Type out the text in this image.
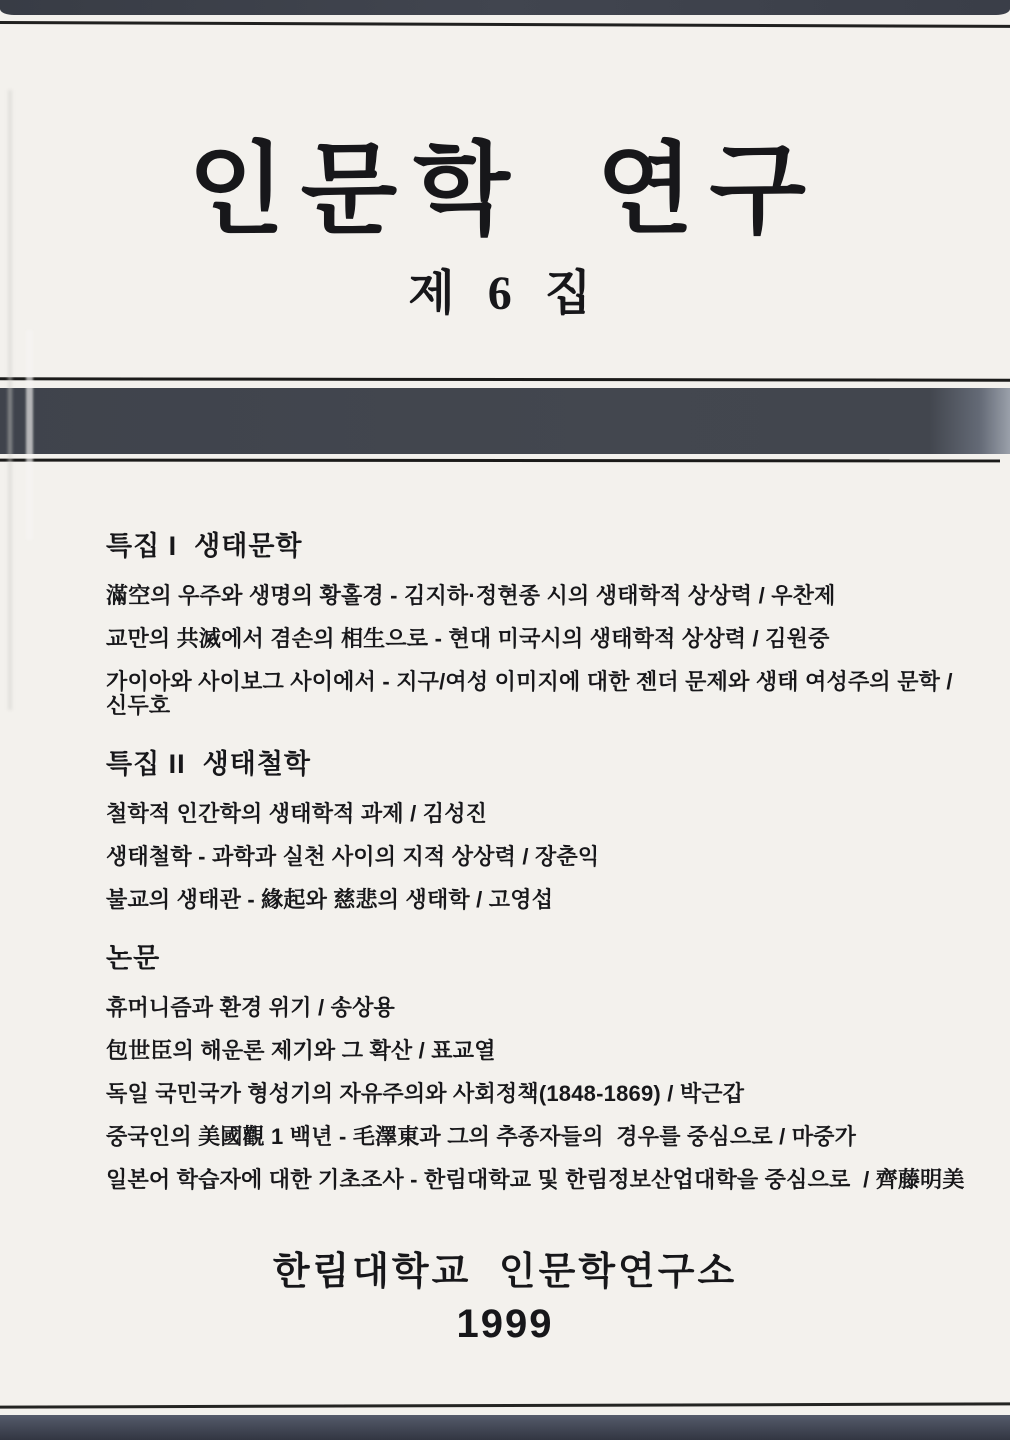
인문학 연구

제 6 집

특집 I  생태문학

滿空의 우주와 생명의 황홀경 - 김지하·정현종 시의 생태학적 상상력 / 우찬제

교만의 共滅에서 겸손의 相生으로 - 현대 미국시의 생태학적 상상력 / 김원중

가이아와 사이보그 사이에서 - 지구/여성 이미지에 대한 젠더 문제와 생태 여성주의 문학 / 신두호

특집 II  생태철학

철학적 인간학의 생태학적 과제 / 김성진

생태철학 - 과학과 실천 사이의 지적 상상력 / 장춘익

불교의 생태관 - 緣起와 慈悲의 생태학 / 고영섭

논문

휴머니즘과 환경 위기 / 송상용

包世臣의 해운론 제기와 그 확산 / 표교열

독일 국민국가 형성기의 자유주의와 사회정책(1848-1869) / 박근갑

중국인의 美國觀 1 백년 - 毛澤東과 그의 추종자들의  경우를 중심으로 / 마중가

일본어 학습자에 대한 기초조사 - 한림대학교 및 한림정보산업대학을 중심으로  / 齊藤明美

한림대학교 인문학연구소

1999
